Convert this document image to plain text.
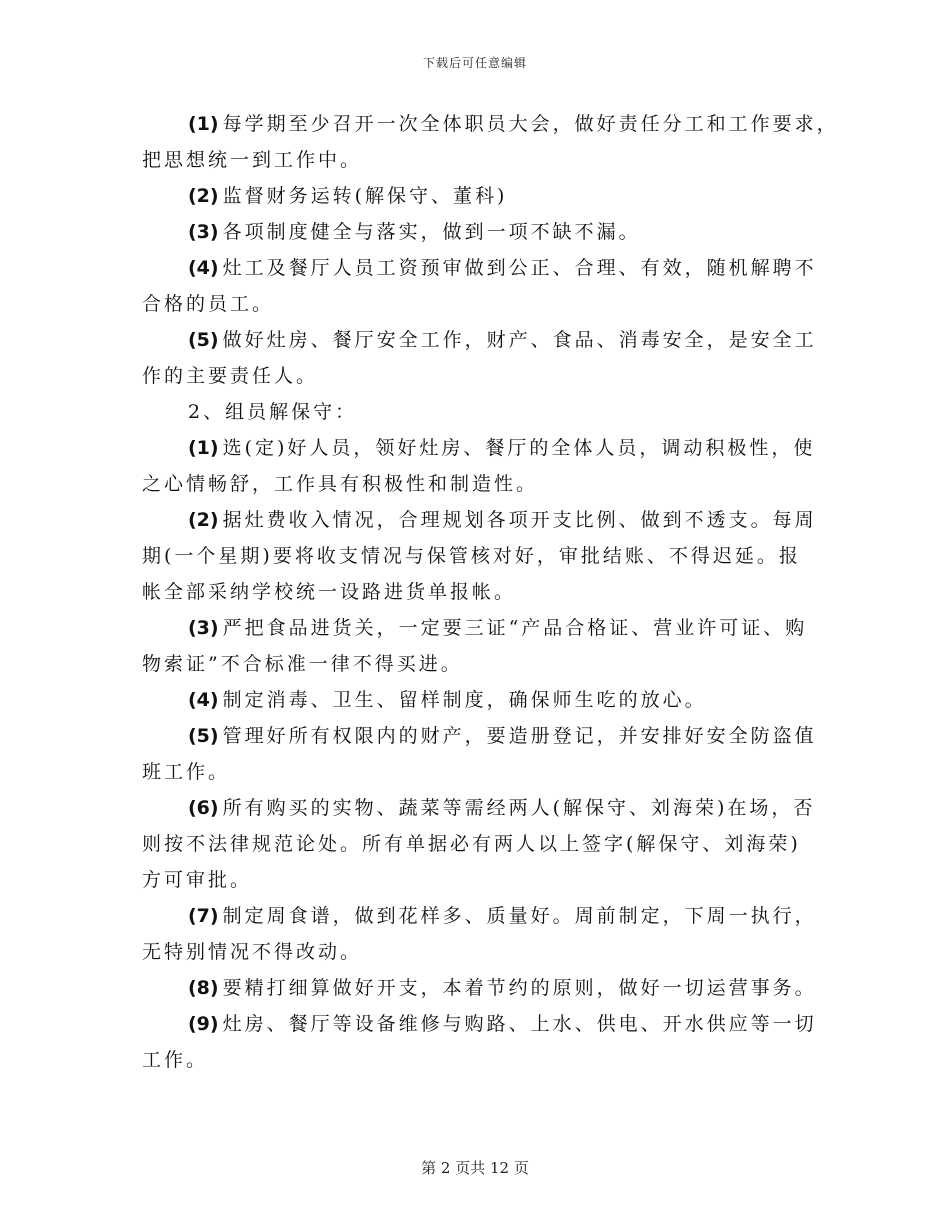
下载后可任意编辑
(1) 每学期至少召开一次全体职员大会，做好责任分工和工作要求，
把思想统一到工作中。
(2) 监督财务运转(解保守、董科)
(3) 各项制度健全与落实，做到一项不缺不漏。
(4) 灶工及餐厅人员工资预审做到公正、合理、有效，随机解聘不
合格的员工。
(5) 做好灶房、餐厅安全工作，财产、食品、消毒安全，是安全工
作的主要责任人。
2、组员解保守：
(1) 选(定)好人员，领好灶房、餐厅的全体人员，调动积极性，使
之心情畅舒，工作具有积极性和制造性。
(2) 据灶费收入情况，合理规划各项开支比例、做到不透支。每周
期(一个星期)要将收支情况与保管核对好，审批结账、不得迟延。报
帐全部采纳学校统一设路进货单报帐。
(3) 严把食品进货关，一定要三证“产品合格证、营业许可证、购
物索证”不合标准一律不得买进。
(4) 制定消毒、卫生、留样制度，确保师生吃的放心。
(5) 管理好所有权限内的财产，要造册登记，并安排好安全防盗值
班工作。
(6) 所有购买的实物、蔬菜等需经两人(解保守、刘海荣)在场，否
则按不法律规范论处。所有单据必有两人以上签字(解保守、刘海荣)
方可审批。
(7) 制定周食谱，做到花样多、质量好。周前制定，下周一执行，
无特别情况不得改动。
(8) 要精打细算做好开支，本着节约的原则，做好一切运营事务。
(9) 灶房、餐厅等设备维修与购路、上水、供电、开水供应等一切
工作。
第 2 页共 12 页
